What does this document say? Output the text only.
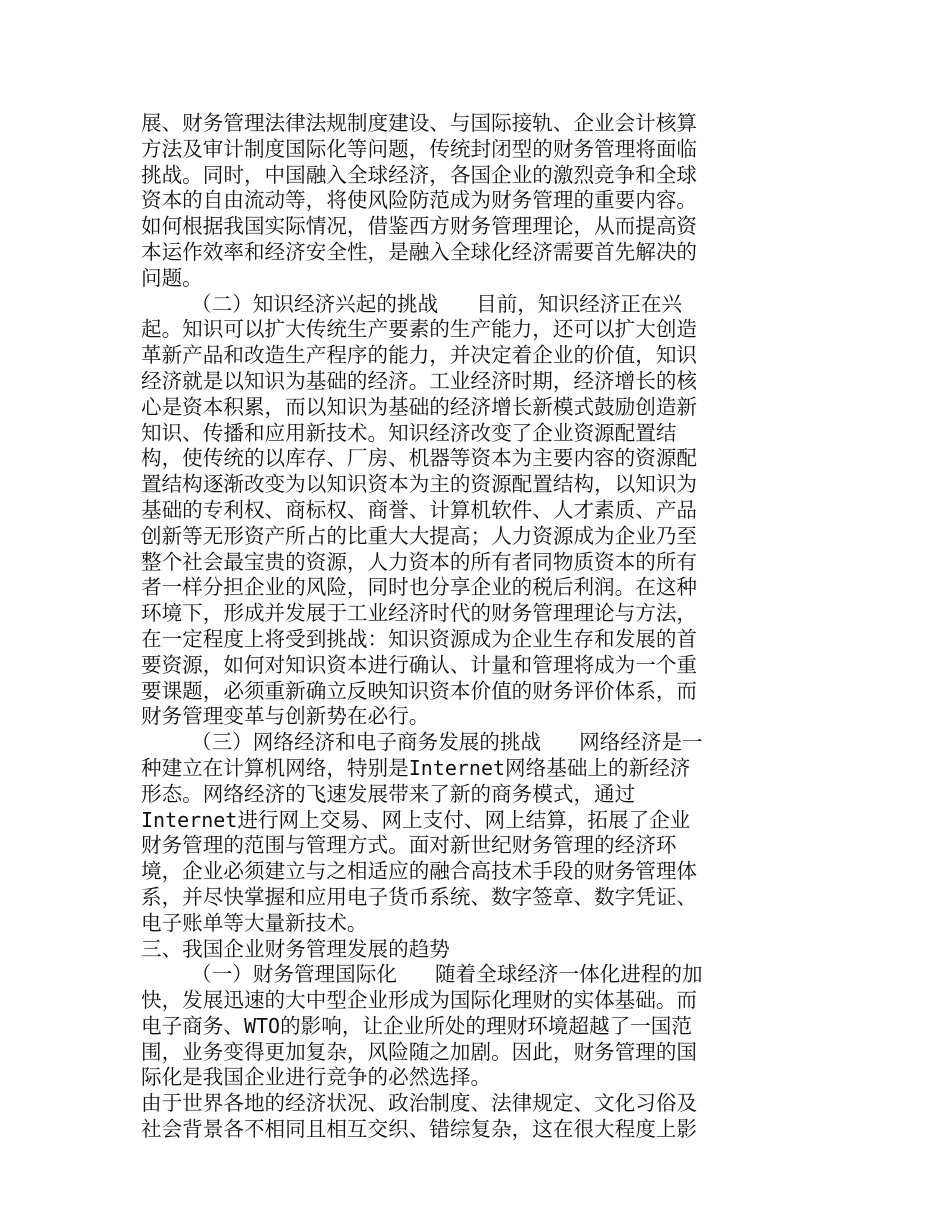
展、财务管理法律法规制度建设、与国际接轨、企业会计核算
方法及审计制度国际化等问题，传统封闭型的财务管理将面临
挑战。同时，中国融入全球经济，各国企业的激烈竞争和全球
资本的自由流动等，将使风险防范成为财务管理的重要内容。
如何根据我国实际情况，借鉴西方财务管理理论，从而提高资
本运作效率和经济安全性，是融入全球化经济需要首先解决的
问题。
（二）知识经济兴起的挑战 目前，知识经济正在兴
起。知识可以扩大传统生产要素的生产能力，还可以扩大创造
革新产品和改造生产程序的能力，并决定着企业的价值，知识
经济就是以知识为基础的经济。工业经济时期，经济增长的核
心是资本积累，而以知识为基础的经济增长新模式鼓励创造新
知识、传播和应用新技术。知识经济改变了企业资源配置结
构，使传统的以库存、厂房、机器等资本为主要内容的资源配
置结构逐渐改变为以知识资本为主的资源配置结构，以知识为
基础的专利权、商标权、商誉、计算机软件、人才素质、产品
创新等无形资产所占的比重大大提高；人力资源成为企业乃至
整个社会最宝贵的资源，人力资本的所有者同物质资本的所有
者一样分担企业的风险，同时也分享企业的税后利润。在这种
环境下，形成并发展于工业经济时代的财务管理理论与方法，
在一定程度上将受到挑战：知识资源成为企业生存和发展的首
要资源，如何对知识资本进行确认、计量和管理将成为一个重
要课题，必须重新确立反映知识资本价值的财务评价体系，而
财务管理变革与创新势在必行。
（三）网络经济和电子商务发展的挑战 网络经济是一
种建立在计算机网络，特别是Internet网络基础上的新经济
形态。网络经济的飞速发展带来了新的商务模式，通过
Internet进行网上交易、网上支付、网上结算，拓展了企业
财务管理的范围与管理方式。面对新世纪财务管理的经济环
境，企业必须建立与之相适应的融合高技术手段的财务管理体
系，并尽快掌握和应用电子货币系统、数字签章、数字凭证、
电子账单等大量新技术。
三、我国企业财务管理发展的趋势
（一）财务管理国际化 随着全球经济一体化进程的加
快，发展迅速的大中型企业形成为国际化理财的实体基础。而
电子商务、WTO的影响，让企业所处的理财环境超越了一国范
围，业务变得更加复杂，风险随之加剧。因此，财务管理的国
际化是我国企业进行竞争的必然选择。
由于世界各地的经济状况、政治制度、法律规定、文化习俗及
社会背景各不相同且相互交织、错综复杂，这在很大程度上影
